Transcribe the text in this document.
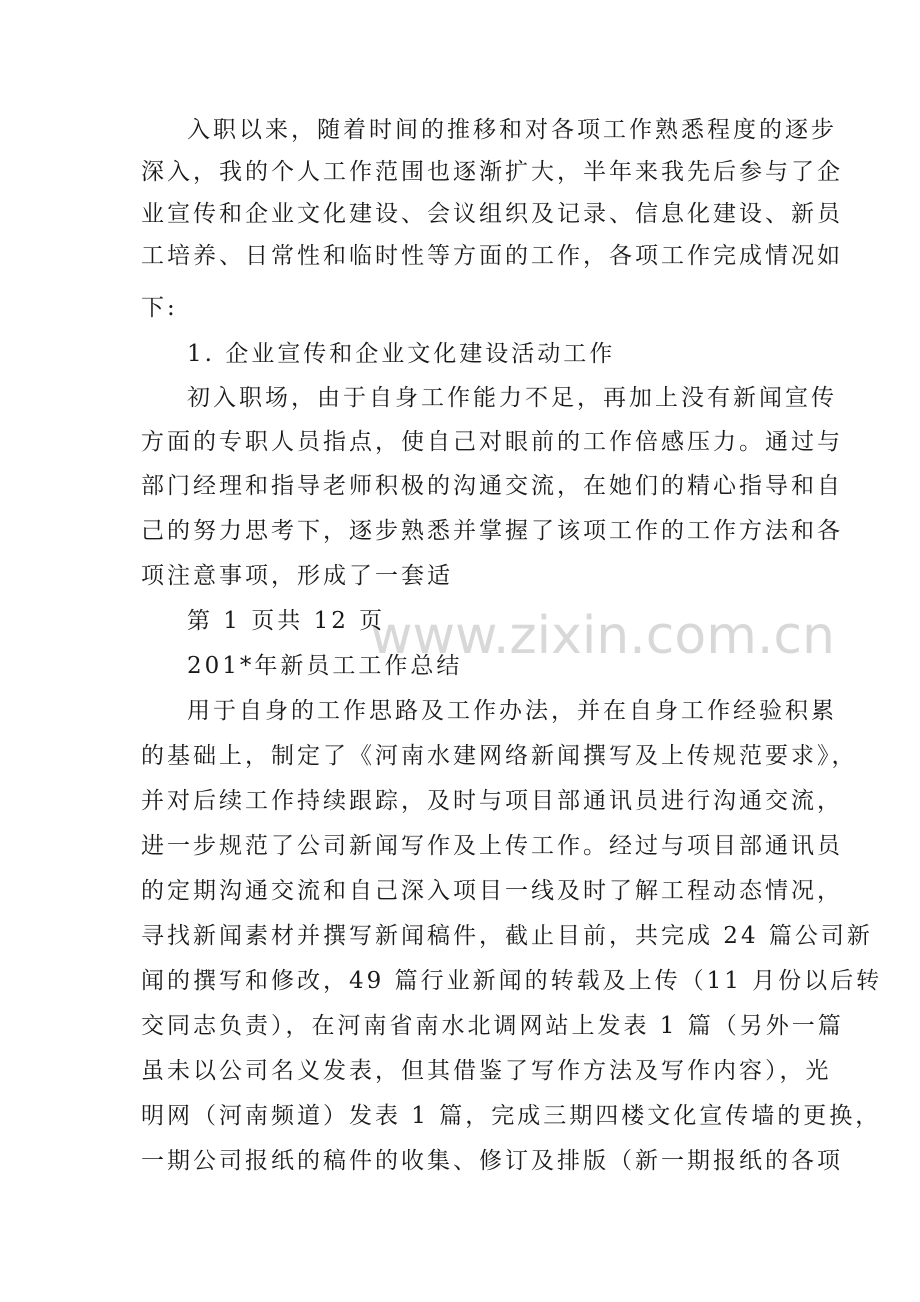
www.zixin.com.cn
入职以来，随着时间的推移和对各项工作熟悉程度的逐步
深入，我的个人工作范围也逐渐扩大，半年来我先后参与了企
业宣传和企业文化建设、会议组织及记录、信息化建设、新员
工培养、日常性和临时性等方面的工作，各项工作完成情况如
下:
1. 企业宣传和企业文化建设活动工作
初入职场，由于自身工作能力不足，再加上没有新闻宣传
方面的专职人员指点，使自己对眼前的工作倍感压力。通过与
部门经理和指导老师积极的沟通交流，在她们的精心指导和自
己的努力思考下，逐步熟悉并掌握了该项工作的工作方法和各
项注意事项，形成了一套适
第 1 页共 12 页
201*年新员工工作总结
用于自身的工作思路及工作办法，并在自身工作经验积累
的基础上，制定了《河南水建网络新闻撰写及上传规范要求》，
并对后续工作持续跟踪，及时与项目部通讯员进行沟通交流，
进一步规范了公司新闻写作及上传工作。经过与项目部通讯员
的定期沟通交流和自己深入项目一线及时了解工程动态情况，
寻找新闻素材并撰写新闻稿件，截止目前，共完成 24 篇公司新
闻的撰写和修改，49 篇行业新闻的转载及上传（11 月份以后转
交同志负责），在河南省南水北调网站上发表 1 篇（另外一篇
虽未以公司名义发表，但其借鉴了写作方法及写作内容），光
明网（河南频道）发表 1 篇，完成三期四楼文化宣传墙的更换，
一期公司报纸的稿件的收集、修订及排版（新一期报纸的各项
